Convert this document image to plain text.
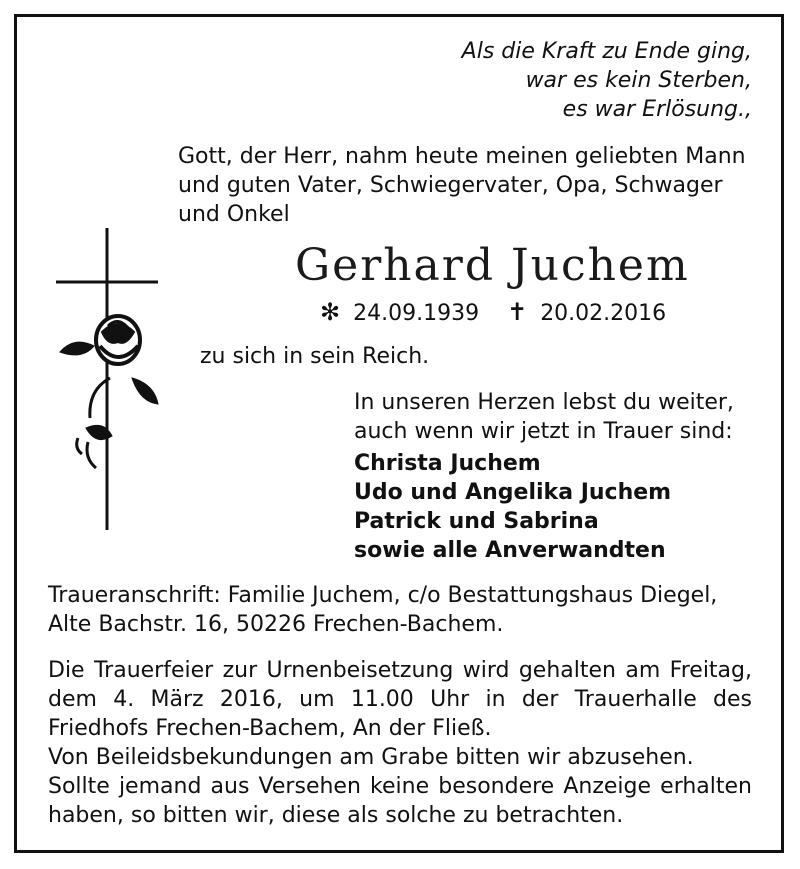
Als die Kraft zu Ende ging,
war es kein Sterben,
es war Erlösung.,
Gott, der Herr, nahm heute meinen geliebten Mann
und guten Vater, Schwiegervater, Opa, Schwager
und Onkel
Gerhard Juchem
✻ 24.09.1939 ✝ 20.02.2016
zu sich in sein Reich.
In unseren Herzen lebst du weiter,
auch wenn wir jetzt in Trauer sind:
Christa Juchem
Udo und Angelika Juchem
Patrick und Sabrina
sowie alle Anverwandten
Traueranschrift: Familie Juchem, c/o Bestattungshaus Diegel,
Alte Bachstr. 16, 50226 Frechen-Bachem.
Die Trauerfeier zur Urnenbeisetzung wird gehalten am Freitag,
dem 4. März 2016, um 11.00 Uhr in der Trauerhalle des
Friedhofs Frechen-Bachem, An der Fließ.
Von Beileidsbekundungen am Grabe bitten wir abzusehen.
Sollte jemand aus Versehen keine besondere Anzeige erhalten
haben, so bitten wir, diese als solche zu betrachten.
